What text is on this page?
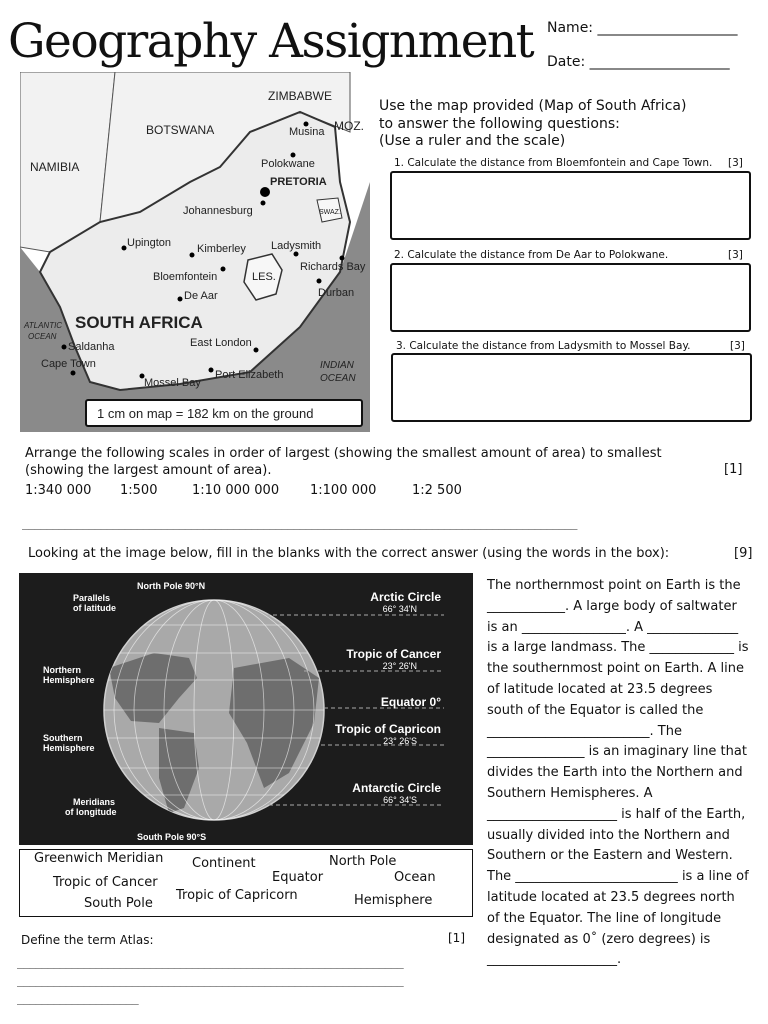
Geography Assignment Name: ____________________
Date: ____________________
ZIMBABWE
BOTSWANA
NAMIBIA
MOZ.
SWAZ.
LES.
SOUTH AFRICA
ATLANTIC
OCEAN
INDIAN
OCEAN
PRETORIA
Musina
Polokwane
Johannesburg
Upington Kimberley Ladysmith
Richards Bay
Bloemfontein
De Aar	Durban
Saldanha	East London
Cape Town
Port Elizabeth
Mossel Bay
1 cm on map = 182 km on the ground
Use the map provided (Map of South Africa)
to answer the following questions:
(Use a ruler and the scale)
1. Calculate the distance from Bloemfontein and Cape Town. [3]
2. Calculate the distance from De Aar to Polokwane.	[3]
3. Calculate the distance from Ladysmith to Mossel Bay.	[3]
Arrange the following scales in order of largest (showing the smallest amount of area) to smallest
(showing the largest amount of area).	[1]
1:340 000 1:500	1:10 000 000 1:100 000	1:2 500
____________________________________________________________________________________________
Looking at the image below, fill in the blanks with the correct answer (using the words in the box):	[9]
North Pole 90°N
South Pole 90°S
Parallels
of latitude
Northern
Hemisphere
Southern
Hemisphere
Meridians
of longitude
Arctic Circle
66° 34'N
Tropic of Cancer
23° 26'N
Equator 0°
Tropic of Capricon
23° 26'S
Antarctic Circle
66° 34'S
Greenwich Meridian Continent	North Pole
Equator
Tropic of Cancer	Ocean
Tropic of Capricorn
South Pole	Hemisphere
The northernmost point on Earth is the ____________. A large body of saltwater is an ________________. A ______________ is a large landmass. The _____________ is the southernmost point on Earth. A line of latitude located at 23.5 degrees south of the Equator is called the _________________________. The _______________ is an imaginary line that divides the Earth into the Northern and Southern Hemispheres. A ____________________ is half of the Earth, usually divided into the Northern and Southern or the Eastern and Western. The _________________________ is a line of latitude located at 23.5 degrees north of the Equator. The line of longitude designated as 0˚ (zero degrees) is ____________________.
Define the term Atlas:	[1]
________________________________________________________________
________________________________________________________________
____________________
